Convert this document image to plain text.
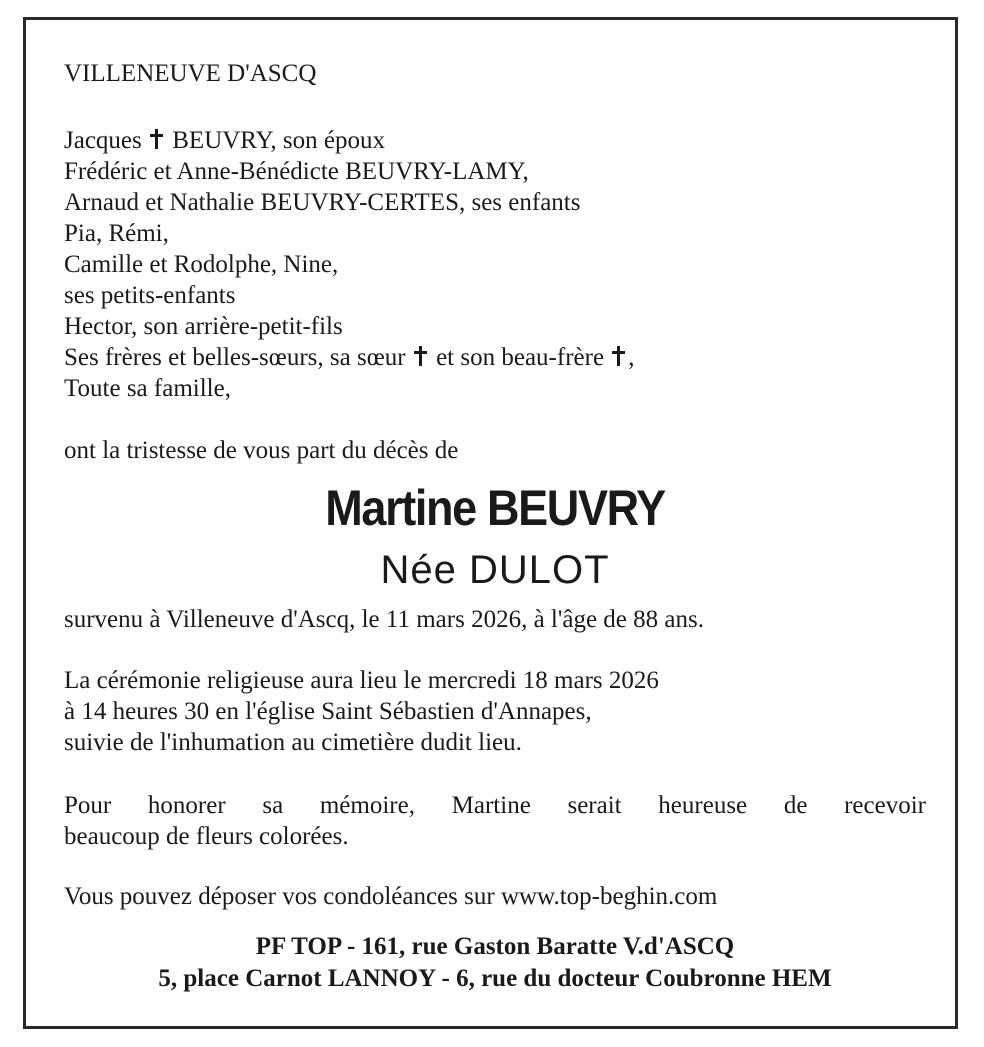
VILLENEUVE D'ASCQ
Jacques BEUVRY, son époux
Frédéric et Anne-Bénédicte BEUVRY-LAMY,
Arnaud et Nathalie BEUVRY-CERTES, ses enfants
Pia, Rémi,
Camille et Rodolphe, Nine,
ses petits-enfants
Hector, son arrière-petit-fils
Ses frères et belles-sœurs, sa sœur et son beau-frère ,
Toute sa famille,
ont la tristesse de vous part du décès de
Martine BEUVRY
Née DULOT
survenu à Villeneuve d'Ascq, le 11 mars 2026, à l'âge de 88 ans.
La cérémonie religieuse aura lieu le mercredi 18 mars 2026
à 14 heures 30 en l'église Saint Sébastien d'Annapes,
suivie de l'inhumation au cimetière dudit lieu.
Pour honorer sa mémoire, Martine serait heureuse de recevoir
beaucoup de fleurs colorées.
Vous pouvez déposer vos condoléances sur www.top-beghin.com
PF TOP - 161, rue Gaston Baratte V.d'ASCQ
5, place Carnot LANNOY - 6, rue du docteur Coubronne HEM
